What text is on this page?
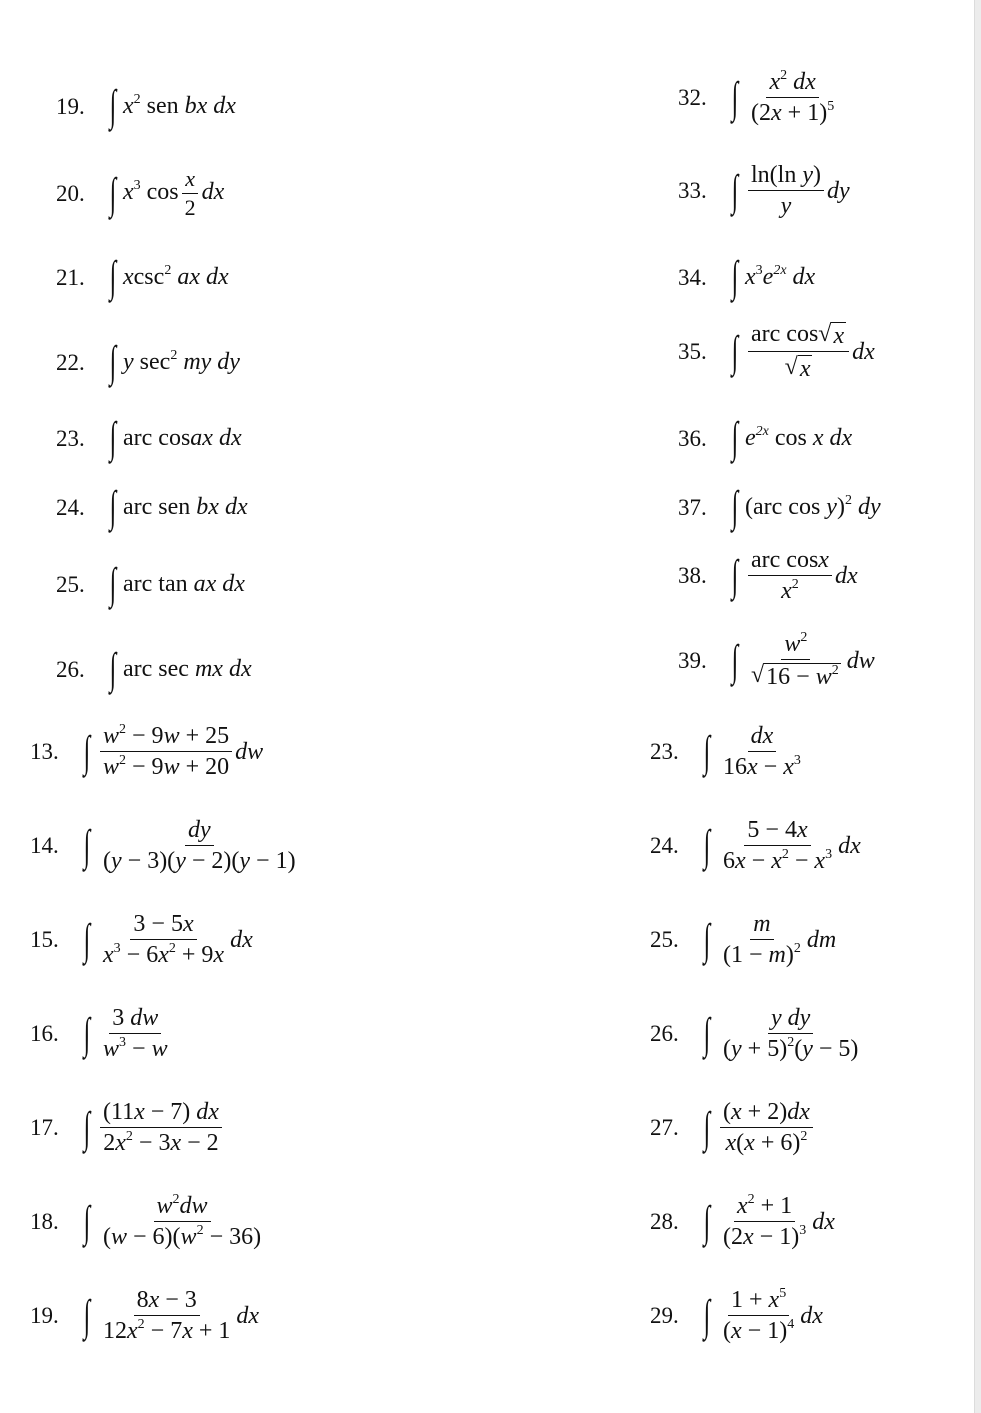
19. ∫ $x^2$ sen bx dx
20. ∫ $x^3$ $\cos \frac{x}{2}$ dx
21. ∫ xcsc$^2$ ax dx
22. ∫ y $\sec^2$ my dy
23. ∫ arc cosax dx
24. ∫ arc sen bx dx
25. ∫ arc tan ax dx
26. ∫ arc sec mx dx
32. ∫ $\frac{x^2 dx}{(2x + 1)^5}$
33. ∫ $\frac{\text{ln(ln y)}}{y}$ dy
34. ∫ $x^3e^{2x}$ dx
35. ∫ $\frac{\text{arc cos √ x}}{√ x}$ dx
36. ∫ $e^{2x}$ cos x dx
37. ∫ (arc cos y)$^2$ dy
38. ∫ $\frac{\text{arc cosx}}{x^2}$ dx
39. ∫ $\frac{w^2}{√ 16 - w^2}$ dw
13. ∫ $\frac{w^2 - 9w + 25}{w^2 - 9w + 20}$ dw
14. ∫ $\frac{dy}{(y - 3)(y - 2)(y - 1)}$
15. ∫ $\frac{3 - 5x}{x^3 - 6x^2 + 9x}$ dx
16. ∫ $\frac{3 dw}{w^3 - w}$
17. ∫ $\frac{(11x - 7) dx}{2x^2 - 3x - 2}$
18. ∫ $\frac{w^2dw}{(w - 6)(w^2 - 36)}$
19. ∫ $\frac{8x - 3}{12x^2 - 7x + 1}$ dx
23. ∫ $\frac{dx}{16x - x^3}$
24. ∫ $\frac{5 - 4x}{6x - x^2 - x^3}$ dx
25. ∫ $\frac{m}{(1 - m)^2}$ dm
26. ∫ $\frac{\text{y dy}}{(y + 5)^2(y - 5)}$
27. ∫ $\frac{(x + 2)dx}{x(x + 6)^2}$
28. ∫ $\frac{x^2 + 1}{(2x - 1)^3}$ dx
29. ∫ $\frac{1 + x^5}{(x - 1)^4}$ dx
